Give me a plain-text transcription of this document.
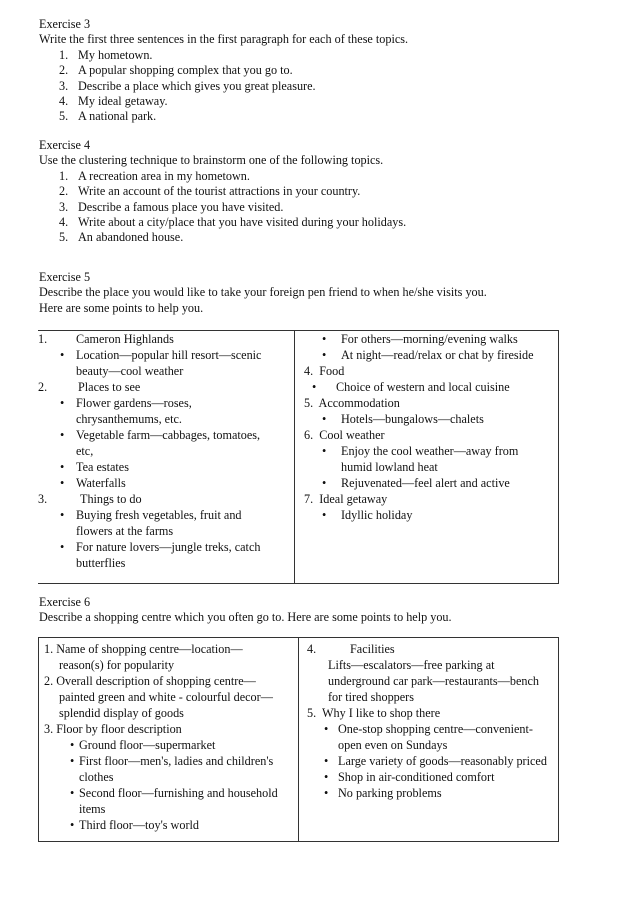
Exercise 3
Write the first three sentences in the first paragraph for each of these topics.
1. My hometown.
2. A popular shopping complex that you go to.
3. Describe a place which gives you great pleasure.
4. My ideal getaway.
5. A national park.
Exercise 4
Use the clustering technique to brainstorm one of the following topics.
1. A recreation area in my hometown.
2. Write an account of the tourist attractions in your country.
3. Describe a famous place you have visited.
4. Write about a city/place that you have visited during your holidays.
5. An abandoned house.
Exercise 5
Describe the place you would like to take your foreign pen friend to when he/she visits you.
Here are some points to help you.
1. Cameron Highlands
• Location—popular hill resort—scenic
beauty—cool weather
2.	Places to see
• Flower gardens—roses,
chrysanthemums, etc.
• Vegetable farm—cabbages, tomatoes,
etc,
• Tea estates
• Waterfalls
3.	Things to do
• Buying fresh vegetables, fruit and
flowers at the farms
• For nature lovers—jungle treks, catch
butterflies
• For others—morning/evening walks
• At night—read/relax or chat by fireside
4.  Food
• Choice of western and local cuisine
5.  Accommodation
• Hotels—bungalows—chalets
6.  Cool weather
• Enjoy the cool weather—away from
humid lowland heat
• Rejuvenated—feel alert and active
7.  Ideal getaway
• Idyllic holiday
Exercise 6
Describe a shopping centre which you often go to. Here are some points to help you.
1. Name of shopping centre—location—
reason(s) for popularity
2. Overall description of shopping centre—
painted green and white - colourful decor—
splendid display of goods
3. Floor by floor description
• Ground floor—supermarket
• First floor—men's, ladies and children's
clothes
• Second floor—furnishing and household
items
• Third floor—toy's world
4.	Facilities
Lifts—escalators—free parking at
underground car park—restaurants—bench
for tired shoppers
5.  Why I like to shop there
• One-stop shopping centre—convenient-
open even on Sundays
• Large variety of goods—reasonably priced
• Shop in air-conditioned comfort
• No parking problems
